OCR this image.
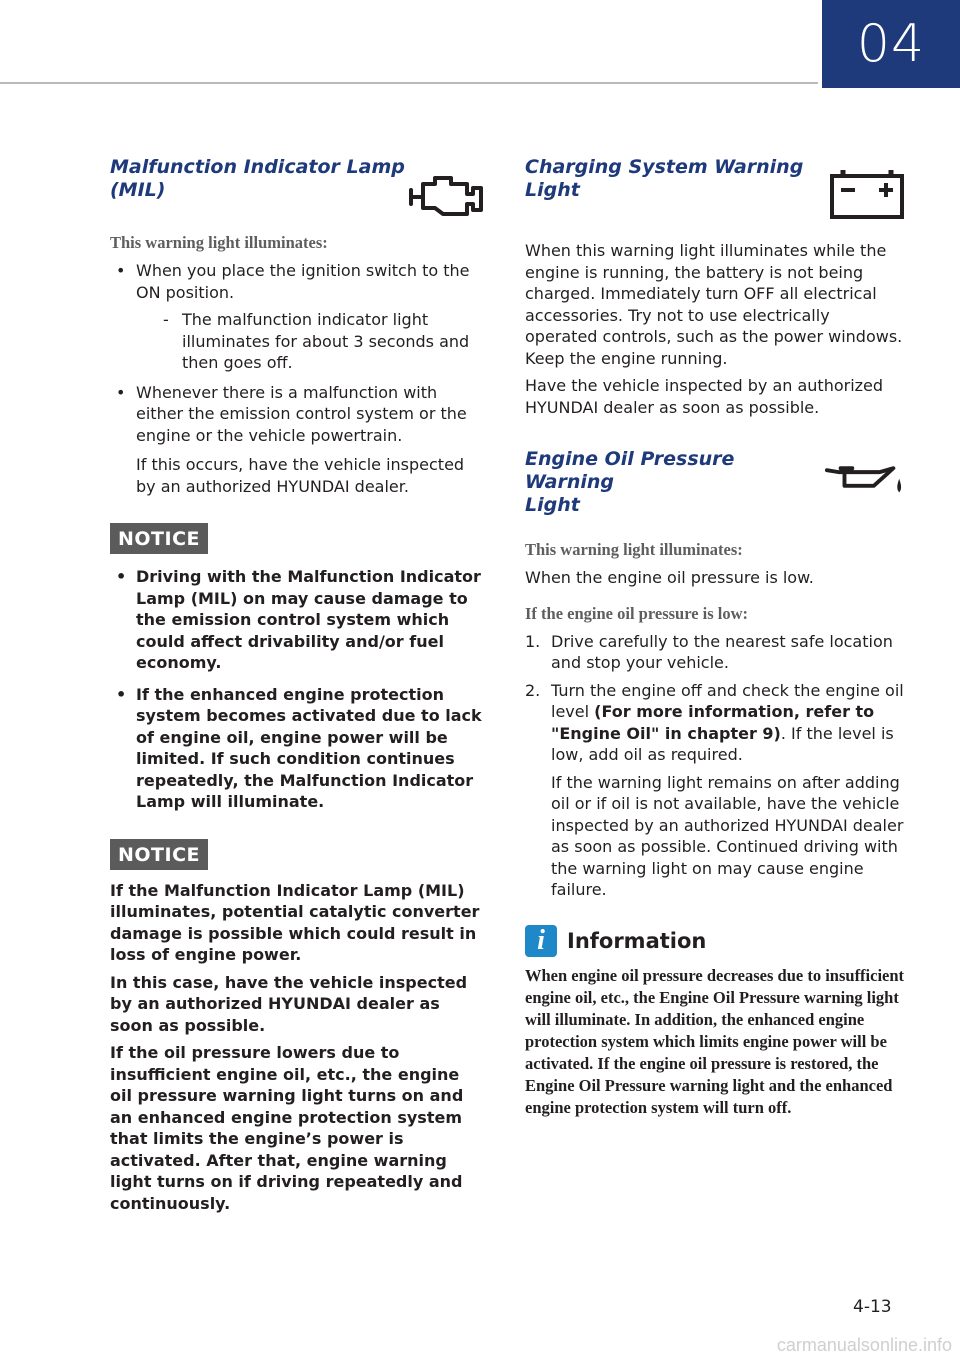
04
Malfunction Indicator Lamp
(MIL)

This warning light illuminates:

• When you place the ignition switch to the ON position.
- The malfunction indicator light illuminates for about 3 seconds and then goes off.
• Whenever there is a malfunction with either the emission control system or the engine or the vehicle powertrain.

If this occurs, have the vehicle inspected by an authorized HYUNDAI dealer.

NOTICE
• Driving with the Malfunction Indicator Lamp (MIL) on may cause damage to the emission control system which could affect drivability and/or fuel economy.
• If the enhanced engine protection system becomes activated due to lack of engine oil, engine power will be limited. If such condition continues repeatedly, the Malfunction Indicator Lamp will illuminate.
NOTICE

If the Malfunction Indicator Lamp (MIL) illuminates, potential catalytic converter damage is possible which could result in loss of engine power.

In this case, have the vehicle inspected by an authorized HYUNDAI dealer as soon as possible.

If the oil pressure lowers due to insufficient engine oil, etc., the engine oil pressure warning light turns on and an enhanced engine protection system that limits the engine’s power is activated. After that, engine warning light turns on if driving repeatedly and continuously.

Charging System Warning
Light

When this warning light illuminates while the engine is running, the battery is not being charged. Immediately turn OFF all electrical accessories. Try not to use electrically operated controls, such as the power windows. Keep the engine running.

Have the vehicle inspected by an authorized HYUNDAI dealer as soon as possible.

Engine Oil Pressure Warning
Light

This warning light illuminates:

When the engine oil pressure is low.

If the engine oil pressure is low:

1. Drive carefully to the nearest safe location and stop your vehicle.
2. Turn the engine off and check the engine oil level (For more information, refer to "Engine Oil" in chapter 9). If the level is low, add oil as required.

If the warning light remains on after adding oil or if oil is not available, have the vehicle inspected by an authorized HYUNDAI dealer as soon as possible. Continued driving with the warning light on may cause engine failure.

i	Information
When engine oil pressure decreases due to insufficient engine oil, etc., the Engine Oil Pressure warning light will illuminate. In addition, the enhanced engine protection system which limits engine power will be activated. If the engine oil pressure is restored, the Engine Oil Pressure warning light and the enhanced engine protection system will turn off.
4-13
carmanualsonline.info
